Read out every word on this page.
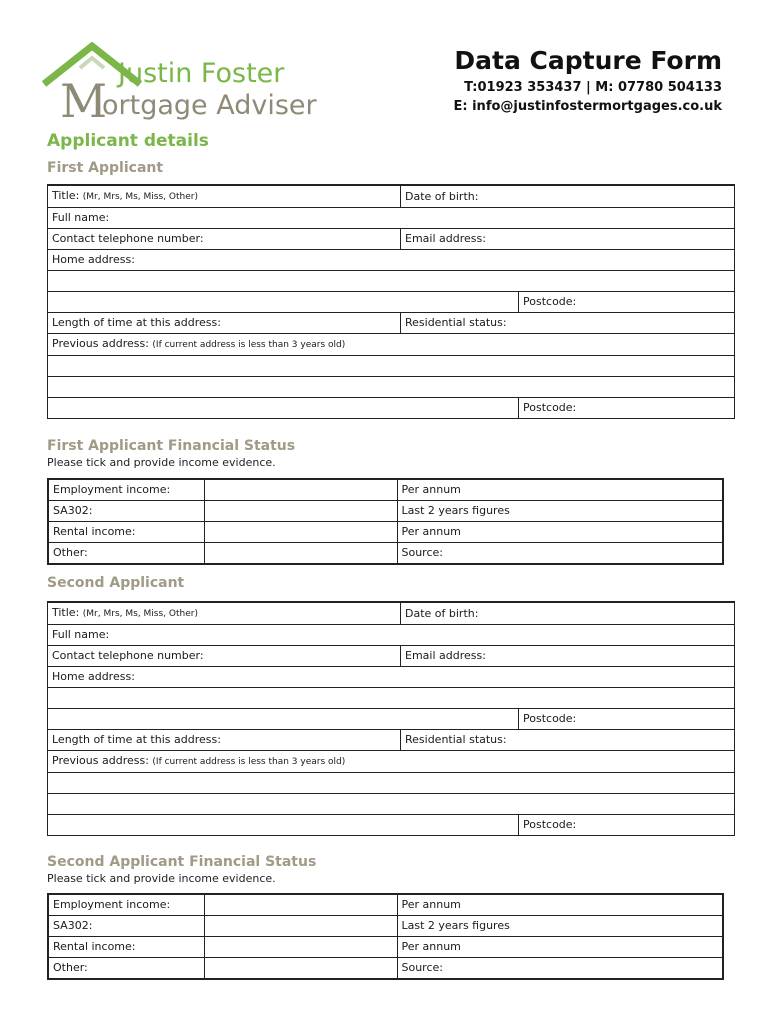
M
Justin Foster
ortgage Adviser
Data Capture Form
T:01923 353437 | M: 07780 504133
E: info@justinfostermortgages.co.uk
Applicant details
First Applicant
Title: (Mr, Mrs, Ms, Miss, Other)	Date of birth:	
Full name:		
Contact telephone number:	Email address:	
Home address:		

		Postcode:
Length of time at this address:	Residential status:	
Previous address: (If current address is less than 3 years old)		

		Postcode:
First Applicant Financial Status
Please tick and provide income evidence.
Employment income:		Per annum
SA302:		Last 2 years figures
Rental income:		Per annum
Other:		Source:
Second Applicant
Title: (Mr, Mrs, Ms, Miss, Other)	Date of birth:	
Full name:		
Contact telephone number:	Email address:	
Home address:		

		Postcode:
Length of time at this address:	Residential status:	
Previous address: (If current address is less than 3 years old)		

		Postcode:
Second Applicant Financial Status
Please tick and provide income evidence.
Employment income:		Per annum
SA302:		Last 2 years figures
Rental income:		Per annum
Other:		Source:
